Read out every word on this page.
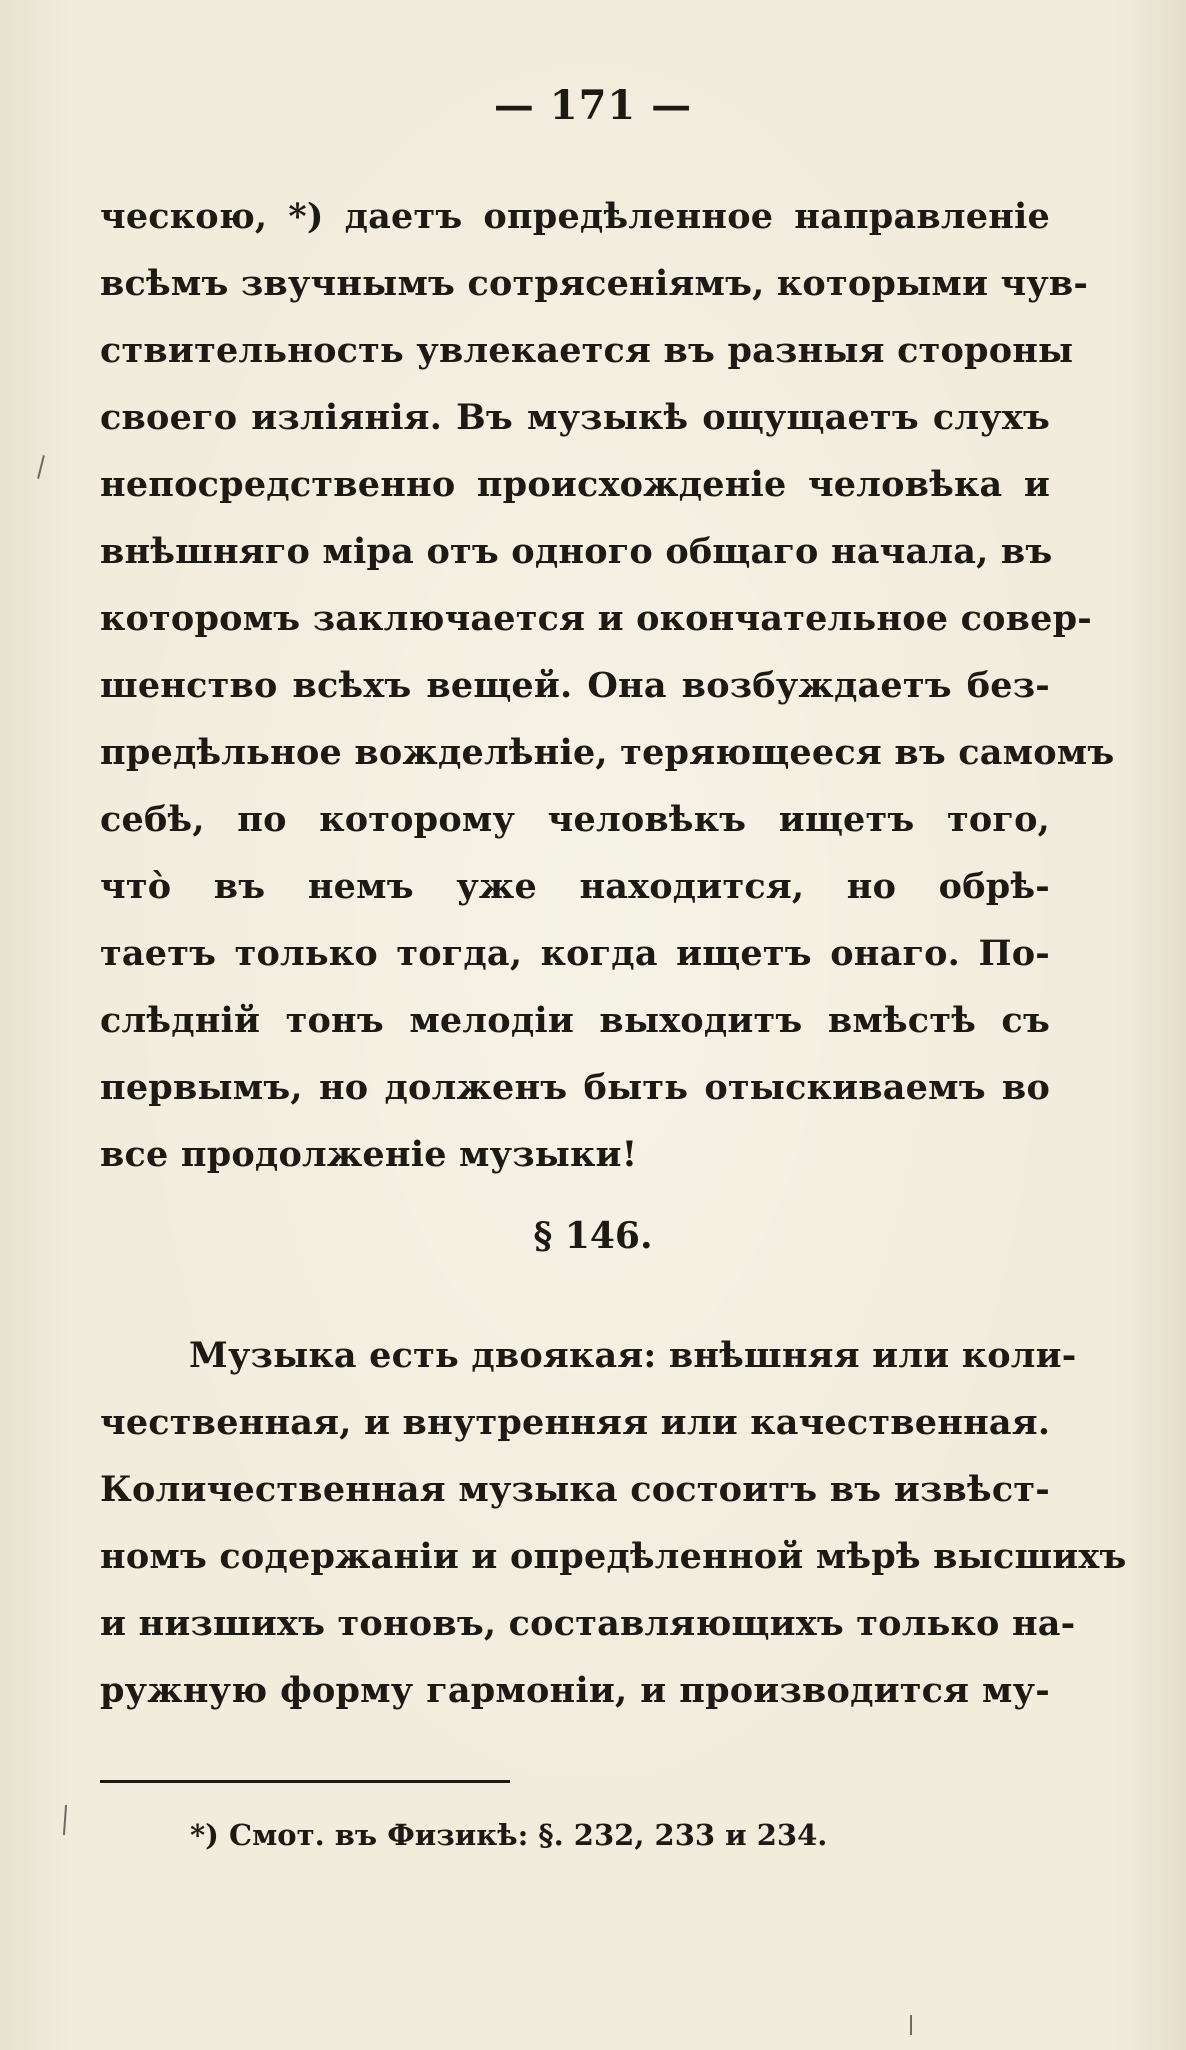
— 171 —
ческою, *) даетъ опредѣленное направленіе
всѣмъ звучнымъ сотрясеніямъ, которыми чув-
ствительность увлекается въ разныя стороны
своего изліянія. Въ музыкѣ ощущаетъ слухъ
непосредственно происхожденіе человѣка и
внѣшняго міра отъ одного общаго начала, въ
которомъ заключается и окончательное совер-
шенство всѣхъ вещей. Она возбуждаетъ без-
предѣльное вожделѣніе, теряющееся въ самомъ
себѣ, по которому человѣкъ ищетъ того,
что̀ въ немъ уже находится, но обрѣ-
таетъ только тогда, когда ищетъ онаго. По-
слѣдній тонъ мелодіи выходитъ вмѣстѣ съ
первымъ, но долженъ быть отыскиваемъ во
все продолженіе музыки!
§ 146.
Музыка есть двоякая: внѣшняя или коли-
чественная, и внутренняя или качественная.
Количественная музыка состоитъ въ извѣст-
номъ содержаніи и опредѣленной мѣрѣ высшихъ
и низшихъ тоновъ, составляющихъ только на-
ружную форму гармоніи, и производится му-
*) Смот. въ Физикѣ: §. 232, 233 и 234.
